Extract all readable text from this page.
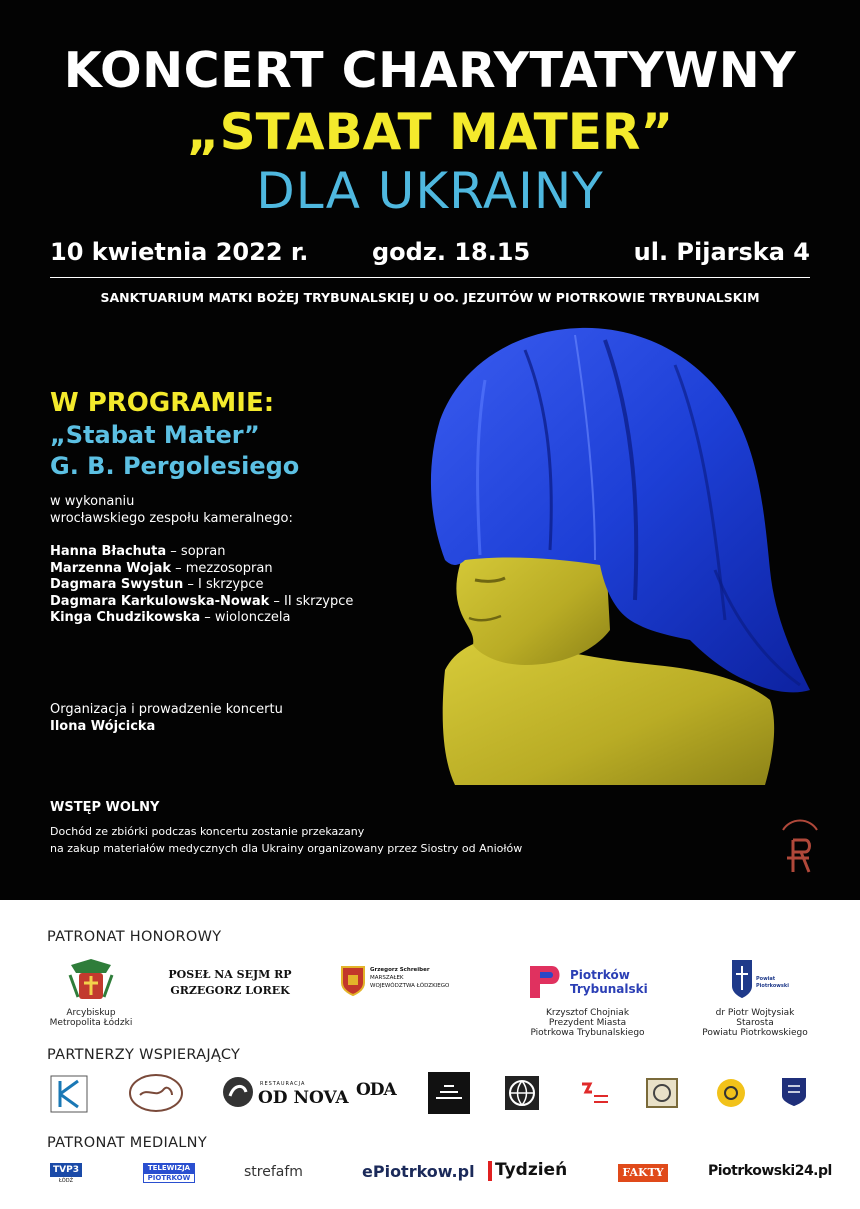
KONCERT CHARYTATYWNY
„STABAT MATER”
DLA UKRAINY
10 kwietnia 2022 r.	godz. 18.15	ul. Pijarska 4
SANKTUARIUM MATKI BOŻEJ TRYBUNALSKIEJ U OO. JEZUITÓW W PIOTRKOWIE TRYBUNALSKIM
W PROGRAMIE:
„Stabat Mater”
G. B. Pergolesiego
w wykonaniu
wrocławskiego zespołu kameralnego:
Hanna Błachuta – sopran
Marzenna Wojak – mezzosopran
Dagmara Swystun – I skrzypce
Dagmara Karkulowska-Nowak – II skrzypce
Kinga Chudzikowska – wiolonczela
Organizacja i prowadzenie koncertu
Ilona Wójcicka
WSTĘP WOLNY
Dochód ze zbiórki podczas koncertu zostanie przekazany
na zakup materiałów medycznych dla Ukrainy organizowany przez Siostry od Aniołów
PATRONAT HONOROWY
PARTNERZY WSPIERAJĄCY
PATRONAT MEDIALNY
Arcybiskup
Metropolita Łódzki
POSEŁ NA SEJM RP
GRZEGORZ LOREK
Grzegorz Schreiber
MARSZAŁEK
WOJEWÓDZTWA ŁÓDZKIEGO
Piotrków
Trybunalski
Krzysztof Chojniak
Prezydent Miasta
Piotrkowa Trybunalskiego
Powiat
Piotrkowski
dr Piotr Wojtysiak
Starosta
Powiatu Piotrkowskiego
RESTAURACJA
OD NOVA ODA
TVP3
ŁÓDŹ
TELEWIZJA
PIOTRKÓW	strefafm	ePiotrkow.pl Tydzień	FAKTY	Piotrkowski24.pl
